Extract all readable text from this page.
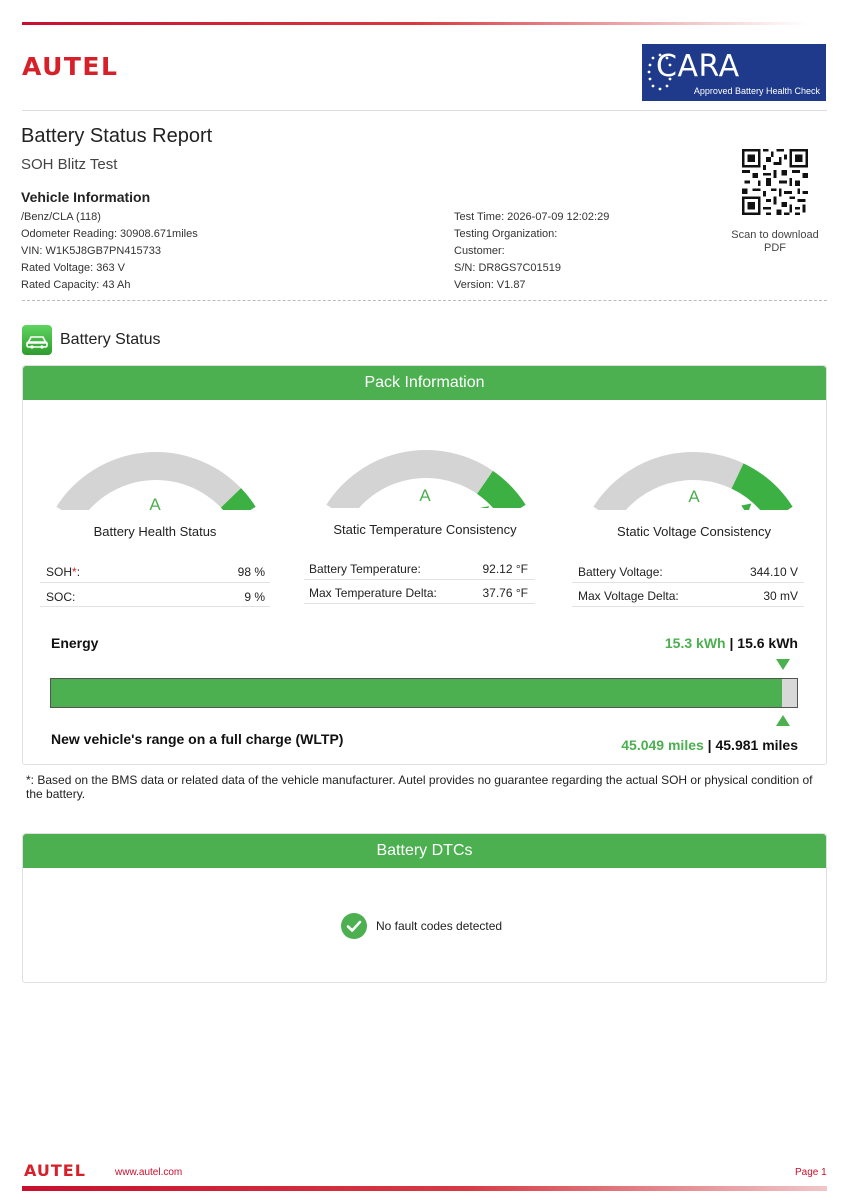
AUTEL	CARA
Approved Battery Health Check
Battery Status Report
SOH Blitz Test
Scan to download
PDF
Vehicle Information
/Benz/CLA (118)
Odometer Reading: 30908.671miles
VIN: W1K5J8GB7PN415733
Rated Voltage: 363 V
Rated Capacity: 43 Ah
Test Time: 2026-07-09 12:02:29
Testing Organization:
Customer:
S/N: DR8GS7C01519
Version: V1.87
Battery Status
Pack Information
A	A	A
Battery Health Status	Static Temperature Consistency	Static Voltage Consistency
SOH*:	98 %
SOC:	9 %
Battery Temperature:	92.12 °F
Max Temperature Delta:	37.76 °F
Battery Voltage:	344.10 V
Max Voltage Delta:	30 mV
Energy	15.3 kWh | 15.6 kWh
New vehicle's range on a full charge (WLTP)	45.049 miles | 45.981 miles
*: Based on the BMS data or related data of the vehicle manufacturer. Autel provides no guarantee regarding the actual SOH or physical condition of the battery.
Battery DTCs
No fault codes detected
AUTEL	www.autel.com	Page 1
